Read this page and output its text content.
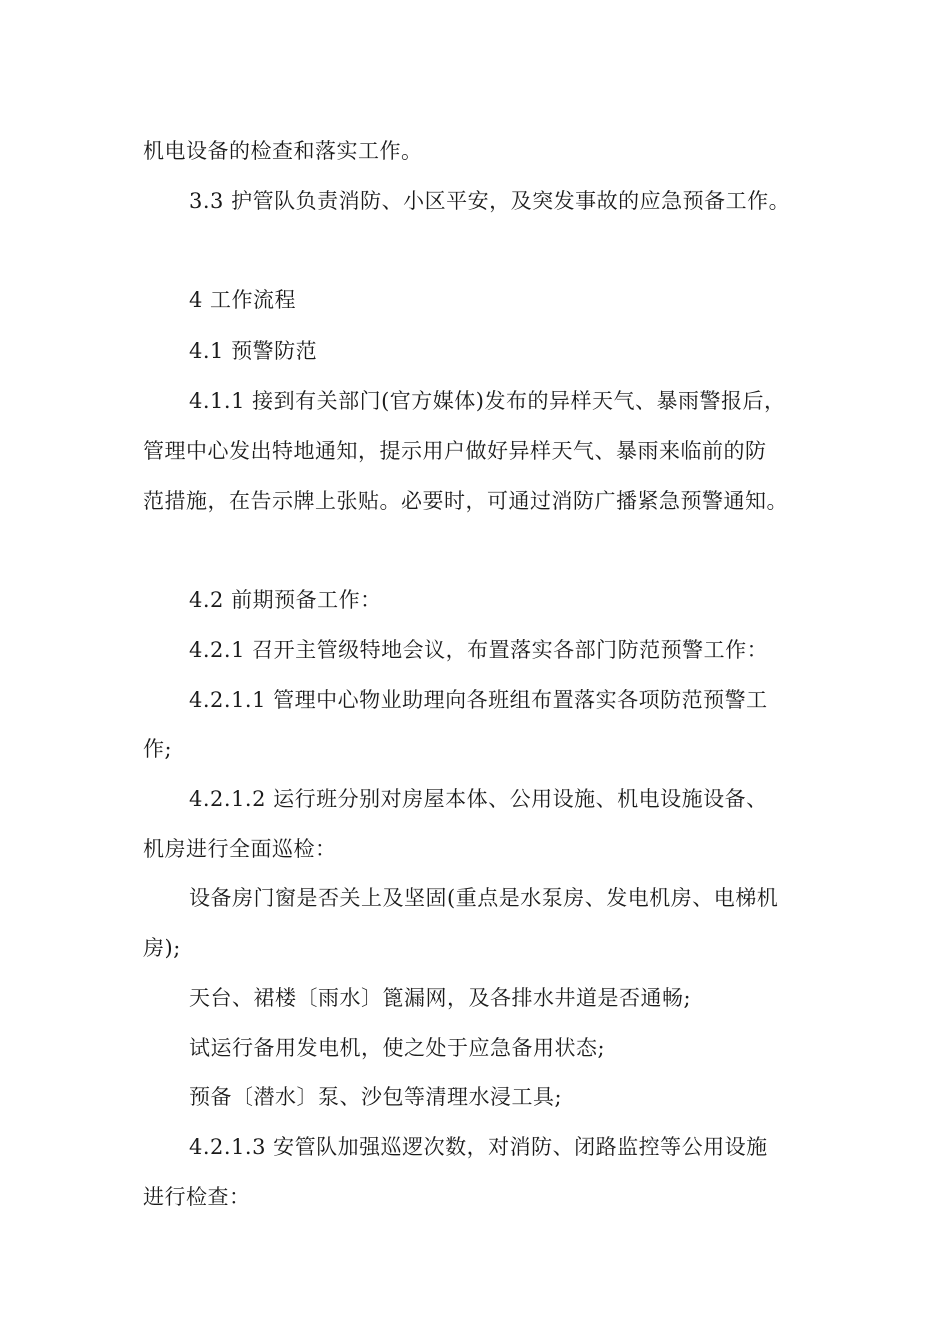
机电设备的检查和落实工作。
3.3 护管队负责消防、小区平安，及突发事故的应急预备工作。
4 工作流程
4.1 预警防范
4.1.1 接到有关部门(官方媒体)发布的异样天气、暴雨警报后，
管理中心发出特地通知，提示用户做好异样天气、暴雨来临前的防
范措施，在告示牌上张贴。必要时，可通过消防广播紧急预警通知。
4.2 前期预备工作：
4.2.1 召开主管级特地会议，布置落实各部门防范预警工作：
4.2.1.1 管理中心物业助理向各班组布置落实各项防范预警工
作;
4.2.1.2 运行班分别对房屋本体、公用设施、机电设施设备、
机房进行全面巡检：
设备房门窗是否关上及坚固(重点是水泵房、发电机房、电梯机
房);
天台、裙楼〔雨水〕篦漏网，及各排水井道是否通畅;
试运行备用发电机，使之处于应急备用状态;
预备〔潜水〕泵、沙包等清理水浸工具;
4.2.1.3 安管队加强巡逻次数，对消防、闭路监控等公用设施
进行检查：
